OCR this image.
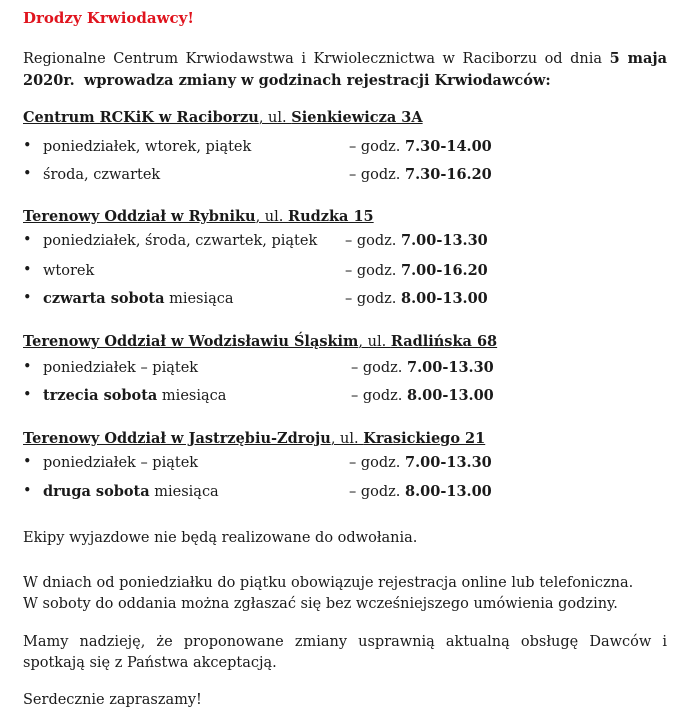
Drodzy Krwiodawcy!
Regionalne Centrum Krwiodawstwa i Krwiolecznictwa w Raciborzu od dnia 5 maja 2020r. wprowadza zmiany w godzinach rejestracji Krwiodawców:
Centrum RCKiK w Raciborzu, ul. Sienkiewicza 3A
• poniedziałek, wtorek, piątek	– godz. 7.30-14.00
• środa, czwartek	– godz. 7.30-16.20
Terenowy Oddział w Rybniku, ul. Rudzka 15
• poniedziałek, środa, czwartek, piątek – godz. 7.00-13.30
• wtorek	– godz. 7.00-16.20
• czwarta sobota miesiąca	– godz. 8.00-13.00
Terenowy Oddział w Wodzisławiu Śląskim, ul. Radlińska 68
• poniedziałek – piątek	– godz. 7.00-13.30
• trzecia sobota miesiąca	– godz. 8.00-13.00
Terenowy Oddział w Jastrzębiu-Zdroju, ul. Krasickiego 21
• poniedziałek – piątek	– godz. 7.00-13.30
• druga sobota miesiąca	– godz. 8.00-13.00
Ekipy wyjazdowe nie będą realizowane do odwołania.
W dniach od poniedziałku do piątku obowiązuje rejestracja online lub telefoniczna.
W soboty do oddania można zgłaszać się bez wcześniejszego umówienia godziny.
Mamy nadzieję, że proponowane zmiany usprawnią aktualną obsługę Dawców i spotkają się z Państwa akceptacją.
Serdecznie zapraszamy!
